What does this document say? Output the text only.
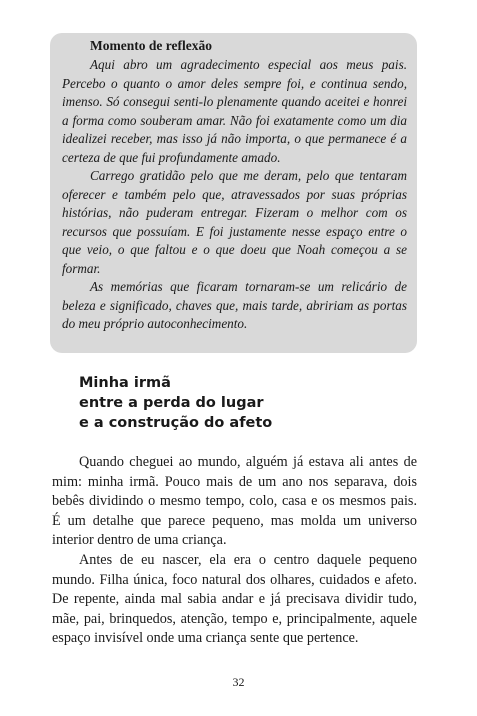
Momento de reflexão

Aqui abro um agradecimento especial aos meus pais. Percebo o quanto o amor deles sempre foi, e continua sendo, imenso. Só consegui senti-lo plenamente quando aceitei e honrei a forma como souberam amar. Não foi exatamente como um dia idealizei receber, mas isso já não importa, o que permanece é a certeza de que fui profundamente amado.

Carrego gratidão pelo que me deram, pelo que tentaram oferecer e também pelo que, atravessados por suas próprias histórias, não puderam entregar. Fizeram o melhor com os recursos que possuíam. E foi justamente nesse espaço entre o que veio, o que faltou e o que doeu que Noah começou a se formar.

As memórias que ficaram tornaram-se um relicário de beleza e significado, chaves que, mais tarde, abririam as portas do meu próprio autoconhecimento.

Minha irmã
entre a perda do lugar
e a construção do afeto

Quando cheguei ao mundo, alguém já estava ali antes de mim: minha irmã. Pouco mais de um ano nos separava, dois bebês dividindo o mesmo tempo, colo, casa e os mesmos pais. É um detalhe que parece pequeno, mas molda um universo interior dentro de uma criança.

Antes de eu nascer, ela era o centro daquele pequeno mundo. Filha única, foco natural dos olhares, cuidados e afeto. De repente, ainda mal sabia andar e já precisava dividir tudo, mãe, pai, brinquedos, atenção, tempo e, principalmente, aquele espaço invisível onde uma criança sente que pertence.

32
